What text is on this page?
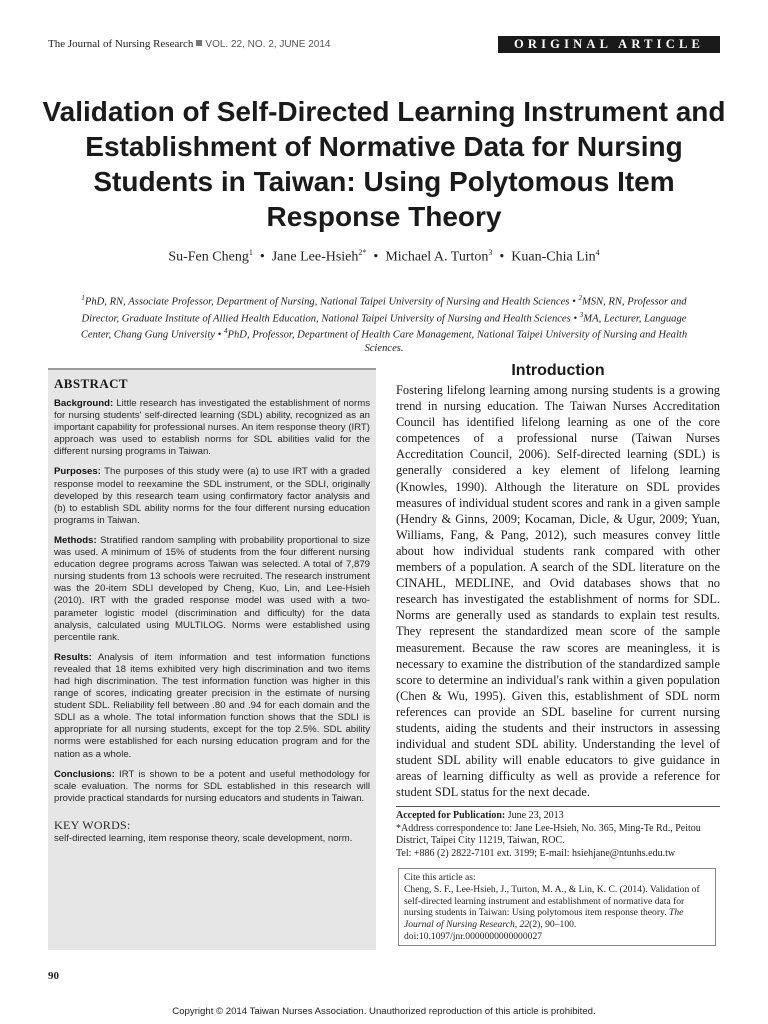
The Journal of Nursing Research VOL. 22, NO. 2, JUNE 2014	ORIGINAL ARTICLE
Validation of Self-Directed Learning Instrument and Establishment of Normative Data for Nursing Students in Taiwan: Using Polytomous Item Response Theory
Su-Fen Cheng$^1$  •  Jane Lee-Hsieh$^{2*}$  •  Michael A. Turton$^3$  •  Kuan-Chia Lin$^4$
$^1$PhD, RN, Associate Professor, Department of Nursing, National Taipei University of Nursing and Health Sciences • $^2$MSN, RN, Professor and Director, Graduate Institute of Allied Health Education, National Taipei University of Nursing and Health Sciences • $^3$MA, Lecturer, Language Center, Chang Gung University • $^4$PhD, Professor, Department of Health Care Management, National Taipei University of Nursing and Health Sciences.
ABSTRACT

Background: Little research has investigated the establishment of norms for nursing students' self-directed learning (SDL) ability, recognized as an important capability for professional nurses. An item response theory (IRT) approach was used to establish norms for SDL abilities valid for the different nursing programs in Taiwan.

Purposes: The purposes of this study were (a) to use IRT with a graded response model to reexamine the SDL instrument, or the SDLI, originally developed by this research team using confirmatory factor analysis and (b) to establish SDL ability norms for the four different nursing education programs in Taiwan.

Methods: Stratified random sampling with probability proportional to size was used. A minimum of 15% of students from the four different nursing education degree programs across Taiwan was selected. A total of 7,879 nursing students from 13 schools were recruited. The research instrument was the 20-item SDLI developed by Cheng, Kuo, Lin, and Lee-Hsieh (2010). IRT with the graded response model was used with a two-parameter logistic model (discrimination and difficulty) for the data analysis, calculated using MULTILOG. Norms were established using percentile rank.

Results: Analysis of item information and test information functions revealed that 18 items exhibited very high discrimination and two items had high discrimination. The test information function was higher in this range of scores, indicating greater precision in the estimate of nursing student SDL. Reliability fell between .80 and .94 for each domain and the SDLI as a whole. The total information function shows that the SDLI is appropriate for all nursing students, except for the top 2.5%. SDL ability norms were established for each nursing education program and for the nation as a whole.

Conclusions: IRT is shown to be a potent and useful methodology for scale evaluation. The norms for SDL established in this research will provide practical standards for nursing educators and students in Taiwan.

KEY WORDS:

self-directed learning, item response theory, scale development, norm.

Introduction
Fostering lifelong learning among nursing students is a growing trend in nursing education. The Taiwan Nurses Accreditation Council has identified lifelong learning as one of the core competences of a professional nurse (Taiwan Nurses Accreditation Council, 2006). Self-directed learning (SDL) is generally considered a key element of lifelong learning (Knowles, 1990). Although the literature on SDL provides measures of individual student scores and rank in a given sample (Hendry & Ginns, 2009; Kocaman, Dicle, & Ugur, 2009; Yuan, Williams, Fang, & Pang, 2012), such measures convey little about how individual students rank compared with other members of a population. A search of the SDL literature on the CINAHL, MEDLINE, and Ovid databases shows that no research has investigated the establishment of norms for SDL. Norms are generally used as standards to explain test results. They represent the standardized mean score of the sample measurement. Because the raw scores are meaningless, it is necessary to examine the distribution of the standardized sample score to determine an individual's rank within a given population (Chen & Wu, 1995). Given this, establishment of SDL norm references can provide an SDL baseline for current nursing students, aiding the students and their instructors in assessing individual and student SDL ability. Understanding the level of student SDL ability will enable educators to give guidance in areas of learning difficulty as well as provide a reference for student SDL status for the next decade.
Accepted for Publication: June 23, 2013
*Address correspondence to: Jane Lee-Hsieh, No. 365, Ming-Te Rd., Peitou District, Taipei City 11219, Taiwan, ROC.
Tel: +886 (2) 2822-7101 ext. 3199; E-mail: hsiehjane@ntunhs.edu.tw
Cite this article as:
Cheng, S. F., Lee-Hsieh, J., Turton, M. A., & Lin, K. C. (2014). Validation of self-directed learning instrument and establishment of normative data for nursing students in Taiwan: Using polytomous item response theory. The Journal of Nursing Research, 22(2), 90–100. doi:10.1097/jnr.0000000000000027
90
Copyright © 2014 Taiwan Nurses Association. Unauthorized reproduction of this article is prohibited.
